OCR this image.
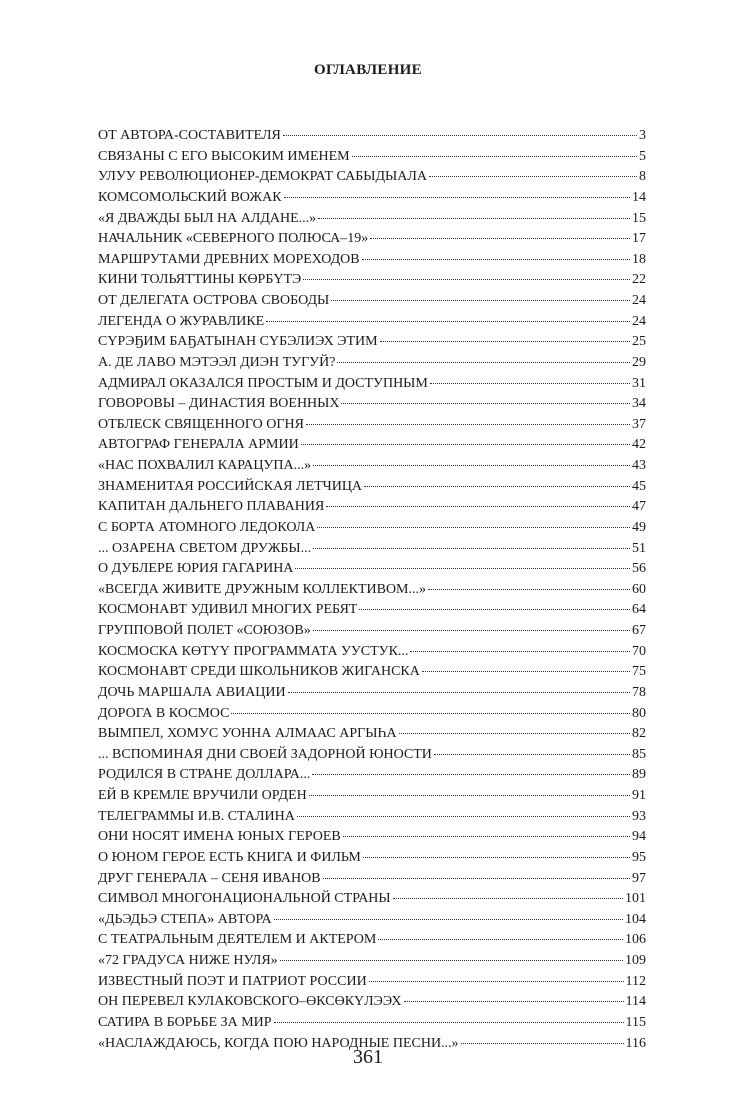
ОГЛАВЛЕНИЕ
ОТ АВТОРА-СОСТАВИТЕЛЯ	3
СВЯЗАНЫ С ЕГО ВЫСОКИМ ИМЕНЕМ	5
УЛУУ РЕВОЛЮЦИОНЕР-ДЕМОКРАТ САБЫДЫАЛА	8
КОМСОМОЛЬСКИЙ ВОЖАК	14
«Я ДВАЖДЫ БЫЛ НА АЛДАНЕ...»	15
НАЧАЛЬНИК «СЕВЕРНОГО ПОЛЮСА–19»	17
МАРШРУТАМИ ДРЕВНИХ МОРЕХОДОВ	18
КИНИ ТОЛЬЯТТИНЫ КӨРБҮТЭ	22
ОТ ДЕЛЕГАТА ОСТРОВА СВОБОДЫ	24
ЛЕГЕНДА О ЖУРАВЛИКЕ	24
СҮРЭҔИМ БАҔАТЫНАН СҮБЭЛИЭХ ЭТИМ	25
А. ДЕ ЛАВО МЭТЭЭЛ ДИЭН ТУГУЙ?	29
АДМИРАЛ ОКАЗАЛСЯ ПРОСТЫМ И ДОСТУПНЫМ	31
ГОВОРОВЫ – ДИНАСТИЯ ВОЕННЫХ	34
ОТБЛЕСК СВЯЩЕННОГО ОГНЯ	37
АВТОГРАФ ГЕНЕРАЛА АРМИИ	42
«НАС ПОХВАЛИЛ КАРАЦУПА...»	43
ЗНАМЕНИТАЯ РОССИЙСКАЯ ЛЕТЧИЦА	45
КАПИТАН ДАЛЬНЕГО ПЛАВАНИЯ	47
С БОРТА АТОМНОГО ЛЕДОКОЛА	49
... ОЗАРЕНА СВЕТОМ ДРУЖБЫ...	51
О ДУБЛЕРЕ ЮРИЯ ГАГАРИНА	56
«ВСЕГДА ЖИВИТЕ ДРУЖНЫМ КОЛЛЕКТИВОМ...»	60
КОСМОНАВТ УДИВИЛ МНОГИХ РЕБЯТ	64
ГРУППОВОЙ ПОЛЕТ «СОЮЗОВ»	67
КОСМОСКА КӨТҮҮ ПРОГРАММАТА УУСТУК...	70
КОСМОНАВТ СРЕДИ ШКОЛЬНИКОВ ЖИГАНСКА	75
ДОЧЬ МАРШАЛА АВИАЦИИ	78
ДОРОГА В КОСМОС	80
ВЫМПЕЛ, ХОМУС УОННА АЛМААС АРГЫҺА	82
... ВСПОМИНАЯ ДНИ СВОЕЙ ЗАДОРНОЙ ЮНОСТИ	85
РОДИЛСЯ В СТРАНЕ ДОЛЛАРА...	89
ЕЙ В КРЕМЛЕ ВРУЧИЛИ ОРДЕН	91
ТЕЛЕГРАММЫ И.В. СТАЛИНА	93
ОНИ НОСЯТ ИМЕНА ЮНЫХ ГЕРОЕВ	94
О ЮНОМ ГЕРОЕ ЕСТЬ КНИГА И ФИЛЬМ	95
ДРУГ ГЕНЕРАЛА – СЕНЯ ИВАНОВ	97
СИМВОЛ МНОГОНАЦИОНАЛЬНОЙ СТРАНЫ	101
«ДЬЭДЬЭ СТЕПА» АВТОРА	104
С ТЕАТРАЛЬНЫМ ДЕЯТЕЛЕМ И АКТЕРОМ	106
«72 ГРАДУСА НИЖЕ НУЛЯ»	109
ИЗВЕСТНЫЙ ПОЭТ И ПАТРИОТ РОССИИ	112
ОН ПЕРЕВЕЛ КУЛАКОВСКОГО–ӨКСӨКҮЛЭЭХ	114
САТИРА В БОРЬБЕ ЗА МИР	115
«НАСЛАЖДАЮСЬ, КОГДА ПОЮ НАРОДНЫЕ ПЕСНИ...»	116
361
